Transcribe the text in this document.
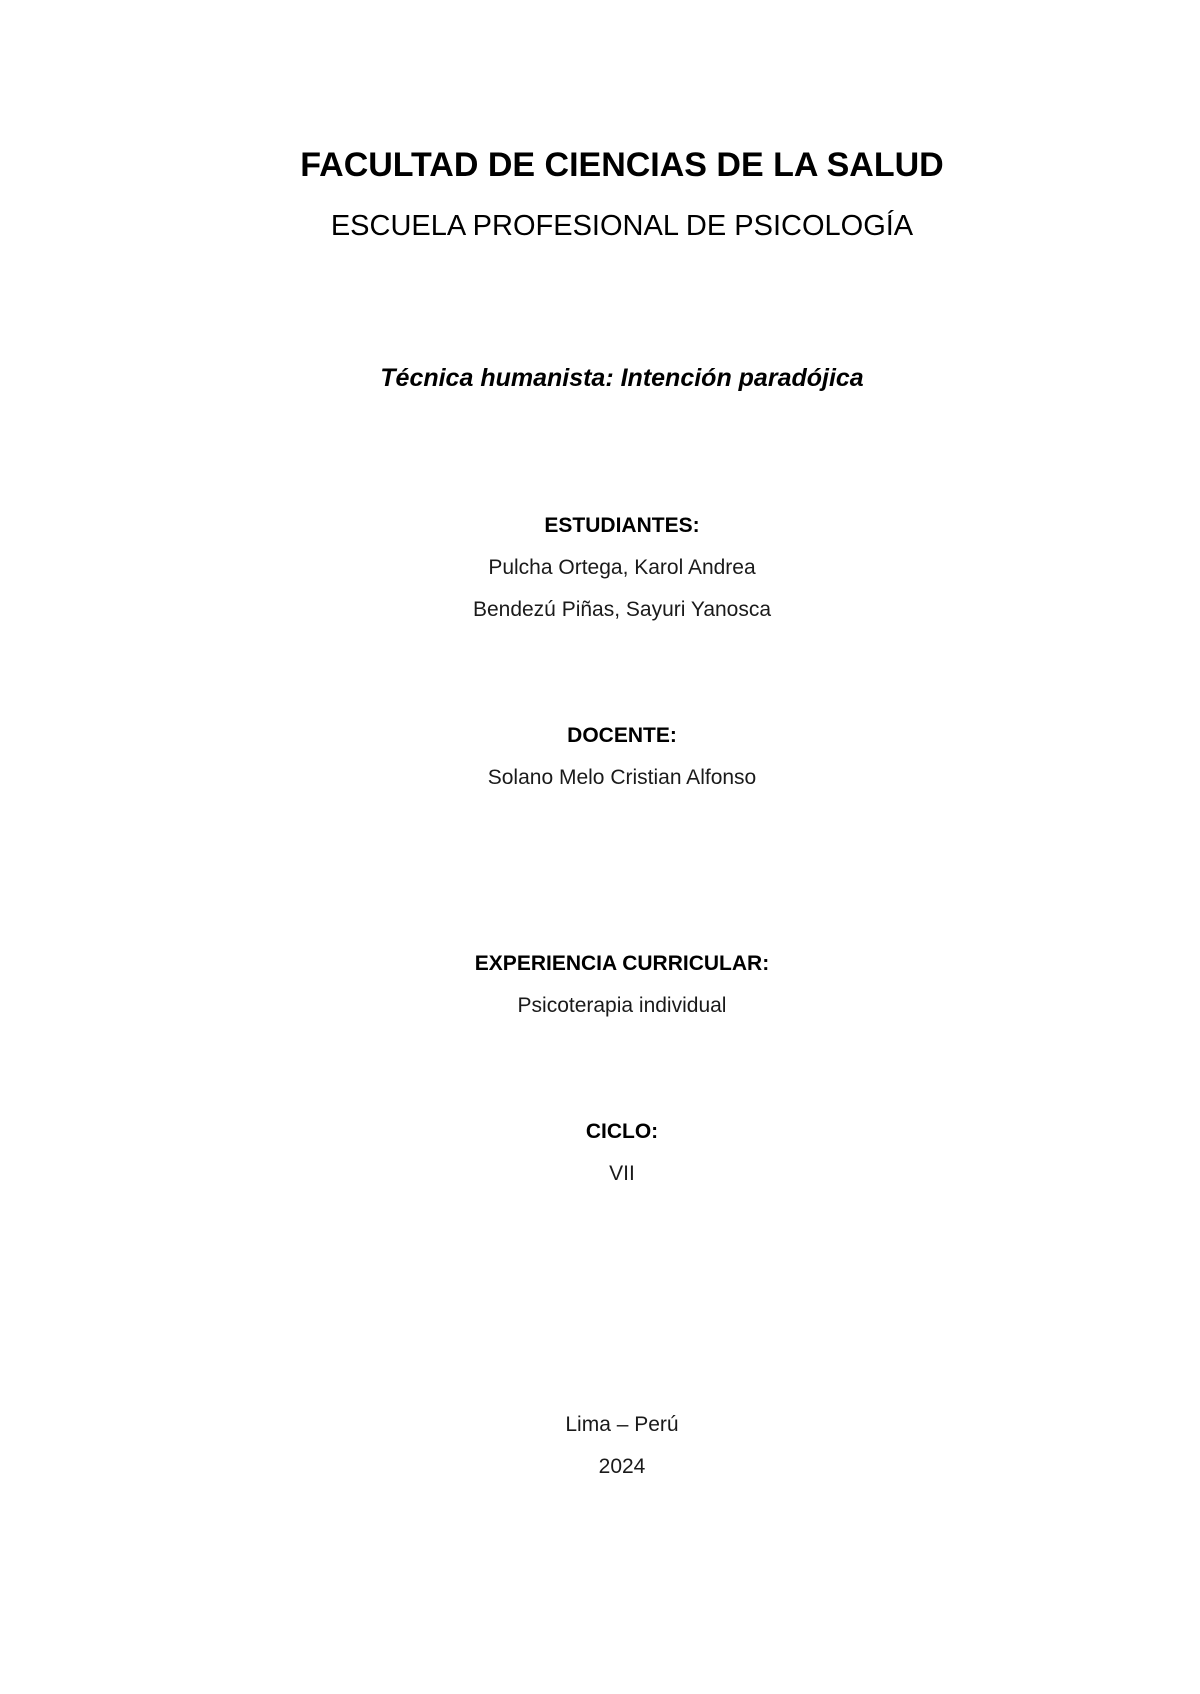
FACULTAD DE CIENCIAS DE LA SALUD
ESCUELA PROFESIONAL DE PSICOLOGÍA
Técnica humanista: Intención paradójica
ESTUDIANTES:
Pulcha Ortega, Karol Andrea
Bendezú Piñas, Sayuri Yanosca
DOCENTE:
Solano Melo Cristian Alfonso
EXPERIENCIA CURRICULAR:
Psicoterapia individual
CICLO:
VII
Lima – Perú
2024
